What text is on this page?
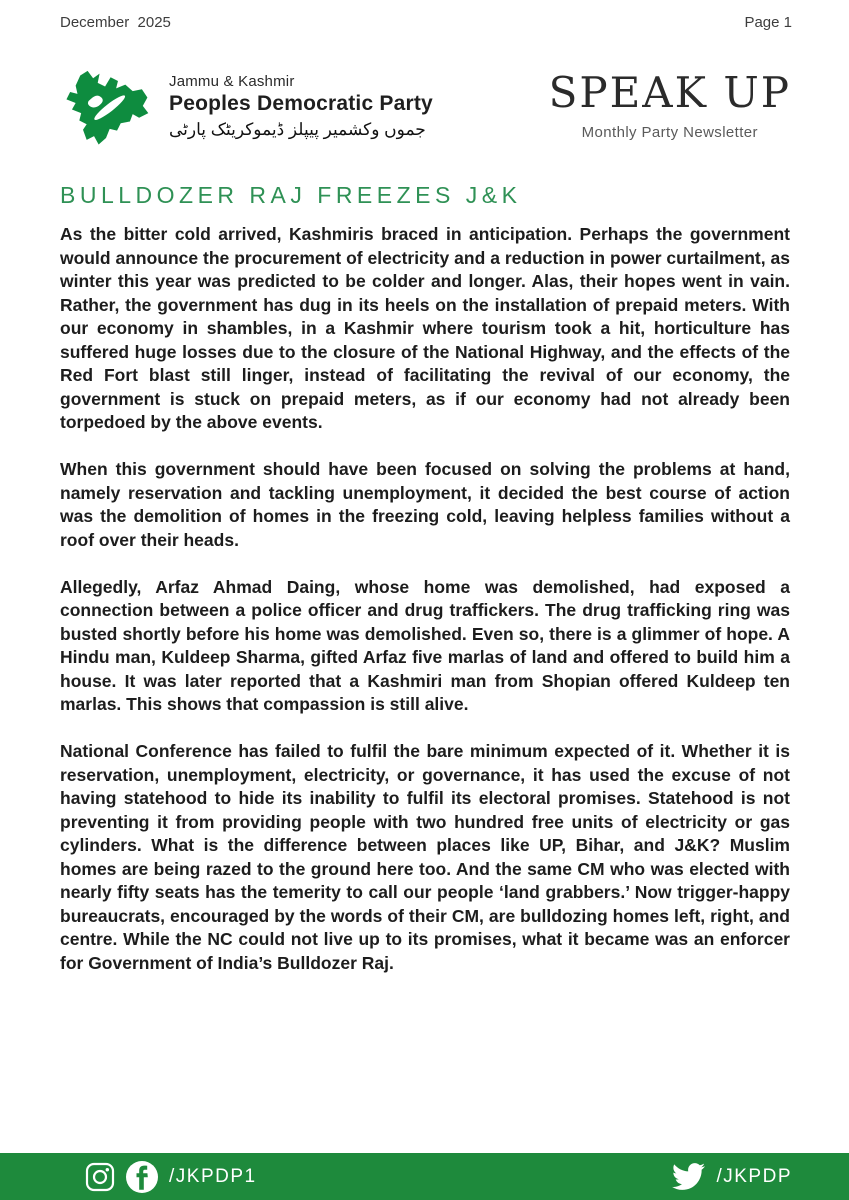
December  2025	Page 1
Jammu & Kashmir
Peoples Democratic Party
جموں وکشمیر پیپلز ڈیموکریٹک پارٹی
SPEAK UP
Monthly Party Newsletter
BULLDOZER RAJ FREEZES J&K

As the bitter cold arrived, Kashmiris braced in anticipation. Perhaps the government would announce the procurement of electricity and a reduction in power curtailment, as winter this year was predicted to be colder and longer. Alas, their hopes went in vain. Rather, the government has dug in its heels on the installation of prepaid meters. With our economy in shambles, in a Kashmir where tourism took a hit, horticulture has suffered huge losses due to the closure of the National Highway, and the effects of the Red Fort blast still linger, instead of facilitating the revival of our economy, the government is stuck on prepaid meters, as if our economy had not already been torpedoed by the above events.

When this government should have been focused on solving the problems at hand, namely reservation and tackling unemployment, it decided the best course of action was the demolition of homes in the freezing cold, leaving helpless families without a roof over their heads.

Allegedly, Arfaz Ahmad Daing, whose home was demolished, had exposed a connection between a police officer and drug traffickers. The drug trafficking ring was busted shortly before his home was demolished. Even so, there is a glimmer of hope. A Hindu man, Kuldeep Sharma, gifted Arfaz five marlas of land and offered to build him a house. It was later reported that a Kashmiri man from Shopian offered Kuldeep ten marlas. This shows that compassion is still alive.

National Conference has failed to fulfil the bare minimum expected of it. Whether it is reservation, unemployment, electricity, or governance, it has used the excuse of not having statehood to hide its inability to fulfil its electoral promises. Statehood is not preventing it from providing people with two hundred free units of electricity or gas cylinders. What is the difference between places like UP, Bihar, and J&K? Muslim homes are being razed to the ground here too. And the same CM who was elected with nearly fifty seats has the temerity to call our people ‘land grabbers.’ Now trigger-happy bureaucrats, encouraged by the words of their CM, are bulldozing homes left, right, and centre. While the NC could not live up to its promises, what it became was an enforcer for Government of India’s Bulldozer Raj.

/JKPDP1	/JKPDP
